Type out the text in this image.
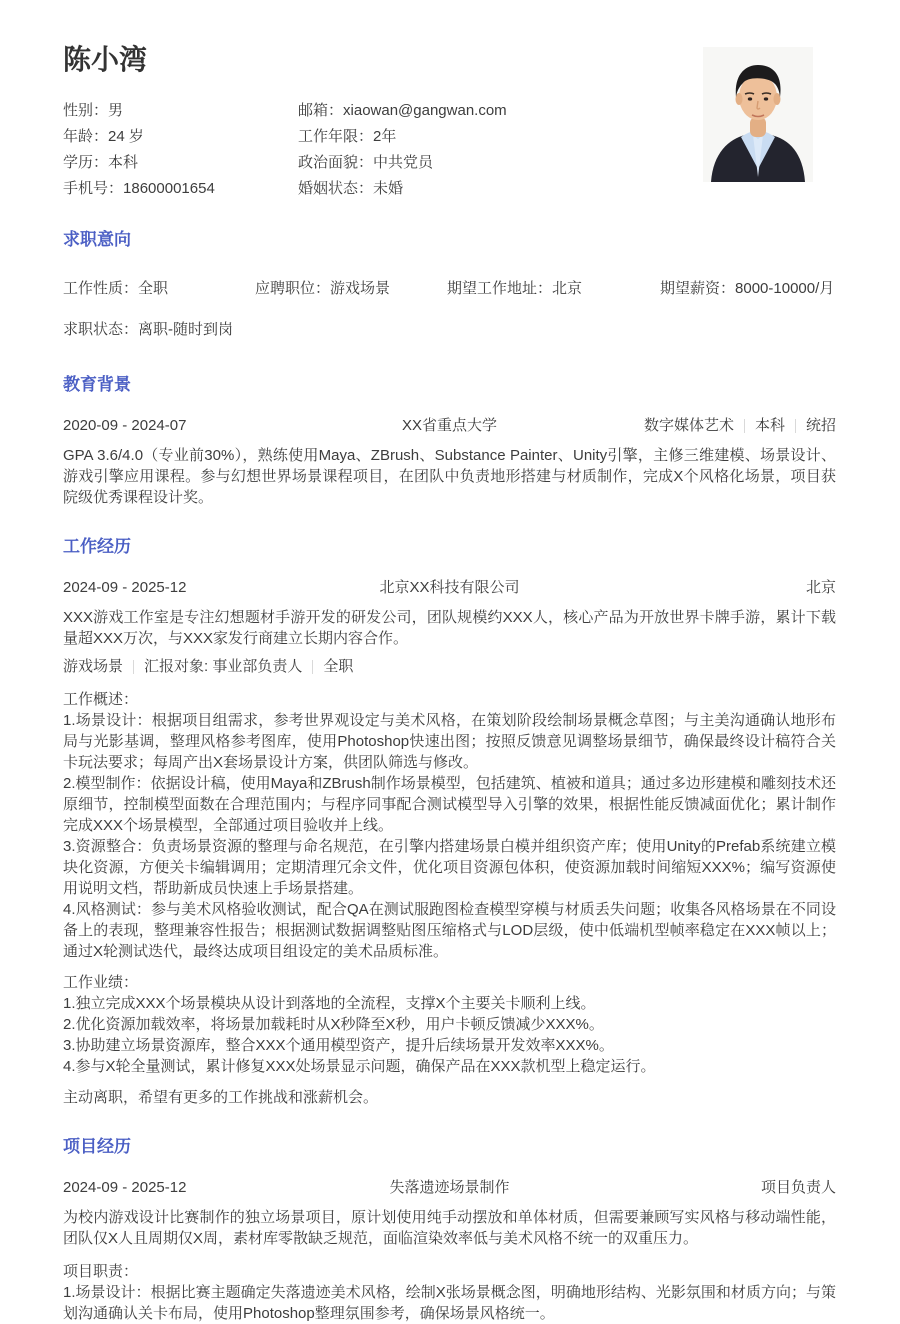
陈小湾
性别：男	邮箱：xiaowan@gangwan.com
年龄：24 岁	工作年限：2年
学历：本科	政治面貌：中共党员
手机号：18600001654	婚姻状态：未婚
求职意向
工作性质：全职	应聘职位：游戏场景	期望工作地址：北京	期望薪资：8000-10000/月
求职状态：离职-随时到岗
教育背景
2020-09 - 2024-07	XX省重点大学	数字媒体艺术 本科 统招

GPA 3.6/4.0（专业前30%），熟练使用Maya、ZBrush、Substance Painter、Unity引擎，主修三维建模、场景设计、游戏引擎应用课程。参与幻想世界场景课程项目，在团队中负责地形搭建与材质制作，完成X个风格化场景，项目获院级优秀课程设计奖。

工作经历
2024-09 - 2025-12	北京XX科技有限公司	北京

XXX游戏工作室是专注幻想题材手游开发的研发公司，团队规模约XXX人，核心产品为开放世界卡牌手游，累计下载量超XXX万次，与XXX家发行商建立长期内容合作。

游戏场景 汇报对象: 事业部负责人 全职
工作概述：
1.场景设计：根据项目组需求，参考世界观设定与美术风格，在策划阶段绘制场景概念草图；与主美沟通确认地形布局与光影基调，整理风格参考图库，使用Photoshop快速出图；按照反馈意见调整场景细节，确保最终设计稿符合关卡玩法要求；每周产出X套场景设计方案，供团队筛选与修改。
2.模型制作：依据设计稿，使用Maya和ZBrush制作场景模型，包括建筑、植被和道具；通过多边形建模和雕刻技术还原细节，控制模型面数在合理范围内；与程序同事配合测试模型导入引擎的效果，根据性能反馈减面优化；累计制作完成XXX个场景模型，全部通过项目验收并上线。
3.资源整合：负责场景资源的整理与命名规范，在引擎内搭建场景白模并组织资产库；使用Unity的Prefab系统建立模块化资源，方便关卡编辑调用；定期清理冗余文件，优化项目资源包体积，使资源加载时间缩短XXX%；编写资源使用说明文档，帮助新成员快速上手场景搭建。
4.风格测试：参与美术风格验收测试，配合QA在测试服跑图检查模型穿模与材质丢失问题；收集各风格场景在不同设备上的表现，整理兼容性报告；根据测试数据调整贴图压缩格式与LOD层级，使中低端机型帧率稳定在XXX帧以上；通过X轮测试迭代，最终达成项目组设定的美术品质标准。
工作业绩：
1.独立完成XXX个场景模块从设计到落地的全流程，支撑X个主要关卡顺利上线。
2.优化资源加载效率，将场景加载耗时从X秒降至X秒，用户卡顿反馈减少XXX%。
3.协助建立场景资源库，整合XXX个通用模型资产，提升后续场景开发效率XXX%。
4.参与X轮全量测试，累计修复XXX处场景显示问题，确保产品在XXX款机型上稳定运行。
主动离职，希望有更多的工作挑战和涨薪机会。
项目经历
2024-09 - 2025-12	失落遗迹场景制作	项目负责人

为校内游戏设计比赛制作的独立场景项目，原计划使用纯手动摆放和单体材质，但需要兼顾写实风格与移动端性能，团队仅X人且周期仅X周，素材库零散缺乏规范，面临渲染效率低与美术风格不统一的双重压力。

项目职责：
1.场景设计：根据比赛主题确定失落遗迹美术风格，绘制X张场景概念图，明确地形结构、光影氛围和材质方向；与策划沟通确认关卡布局，使用Photoshop整理氛围参考，确保场景风格统一。
